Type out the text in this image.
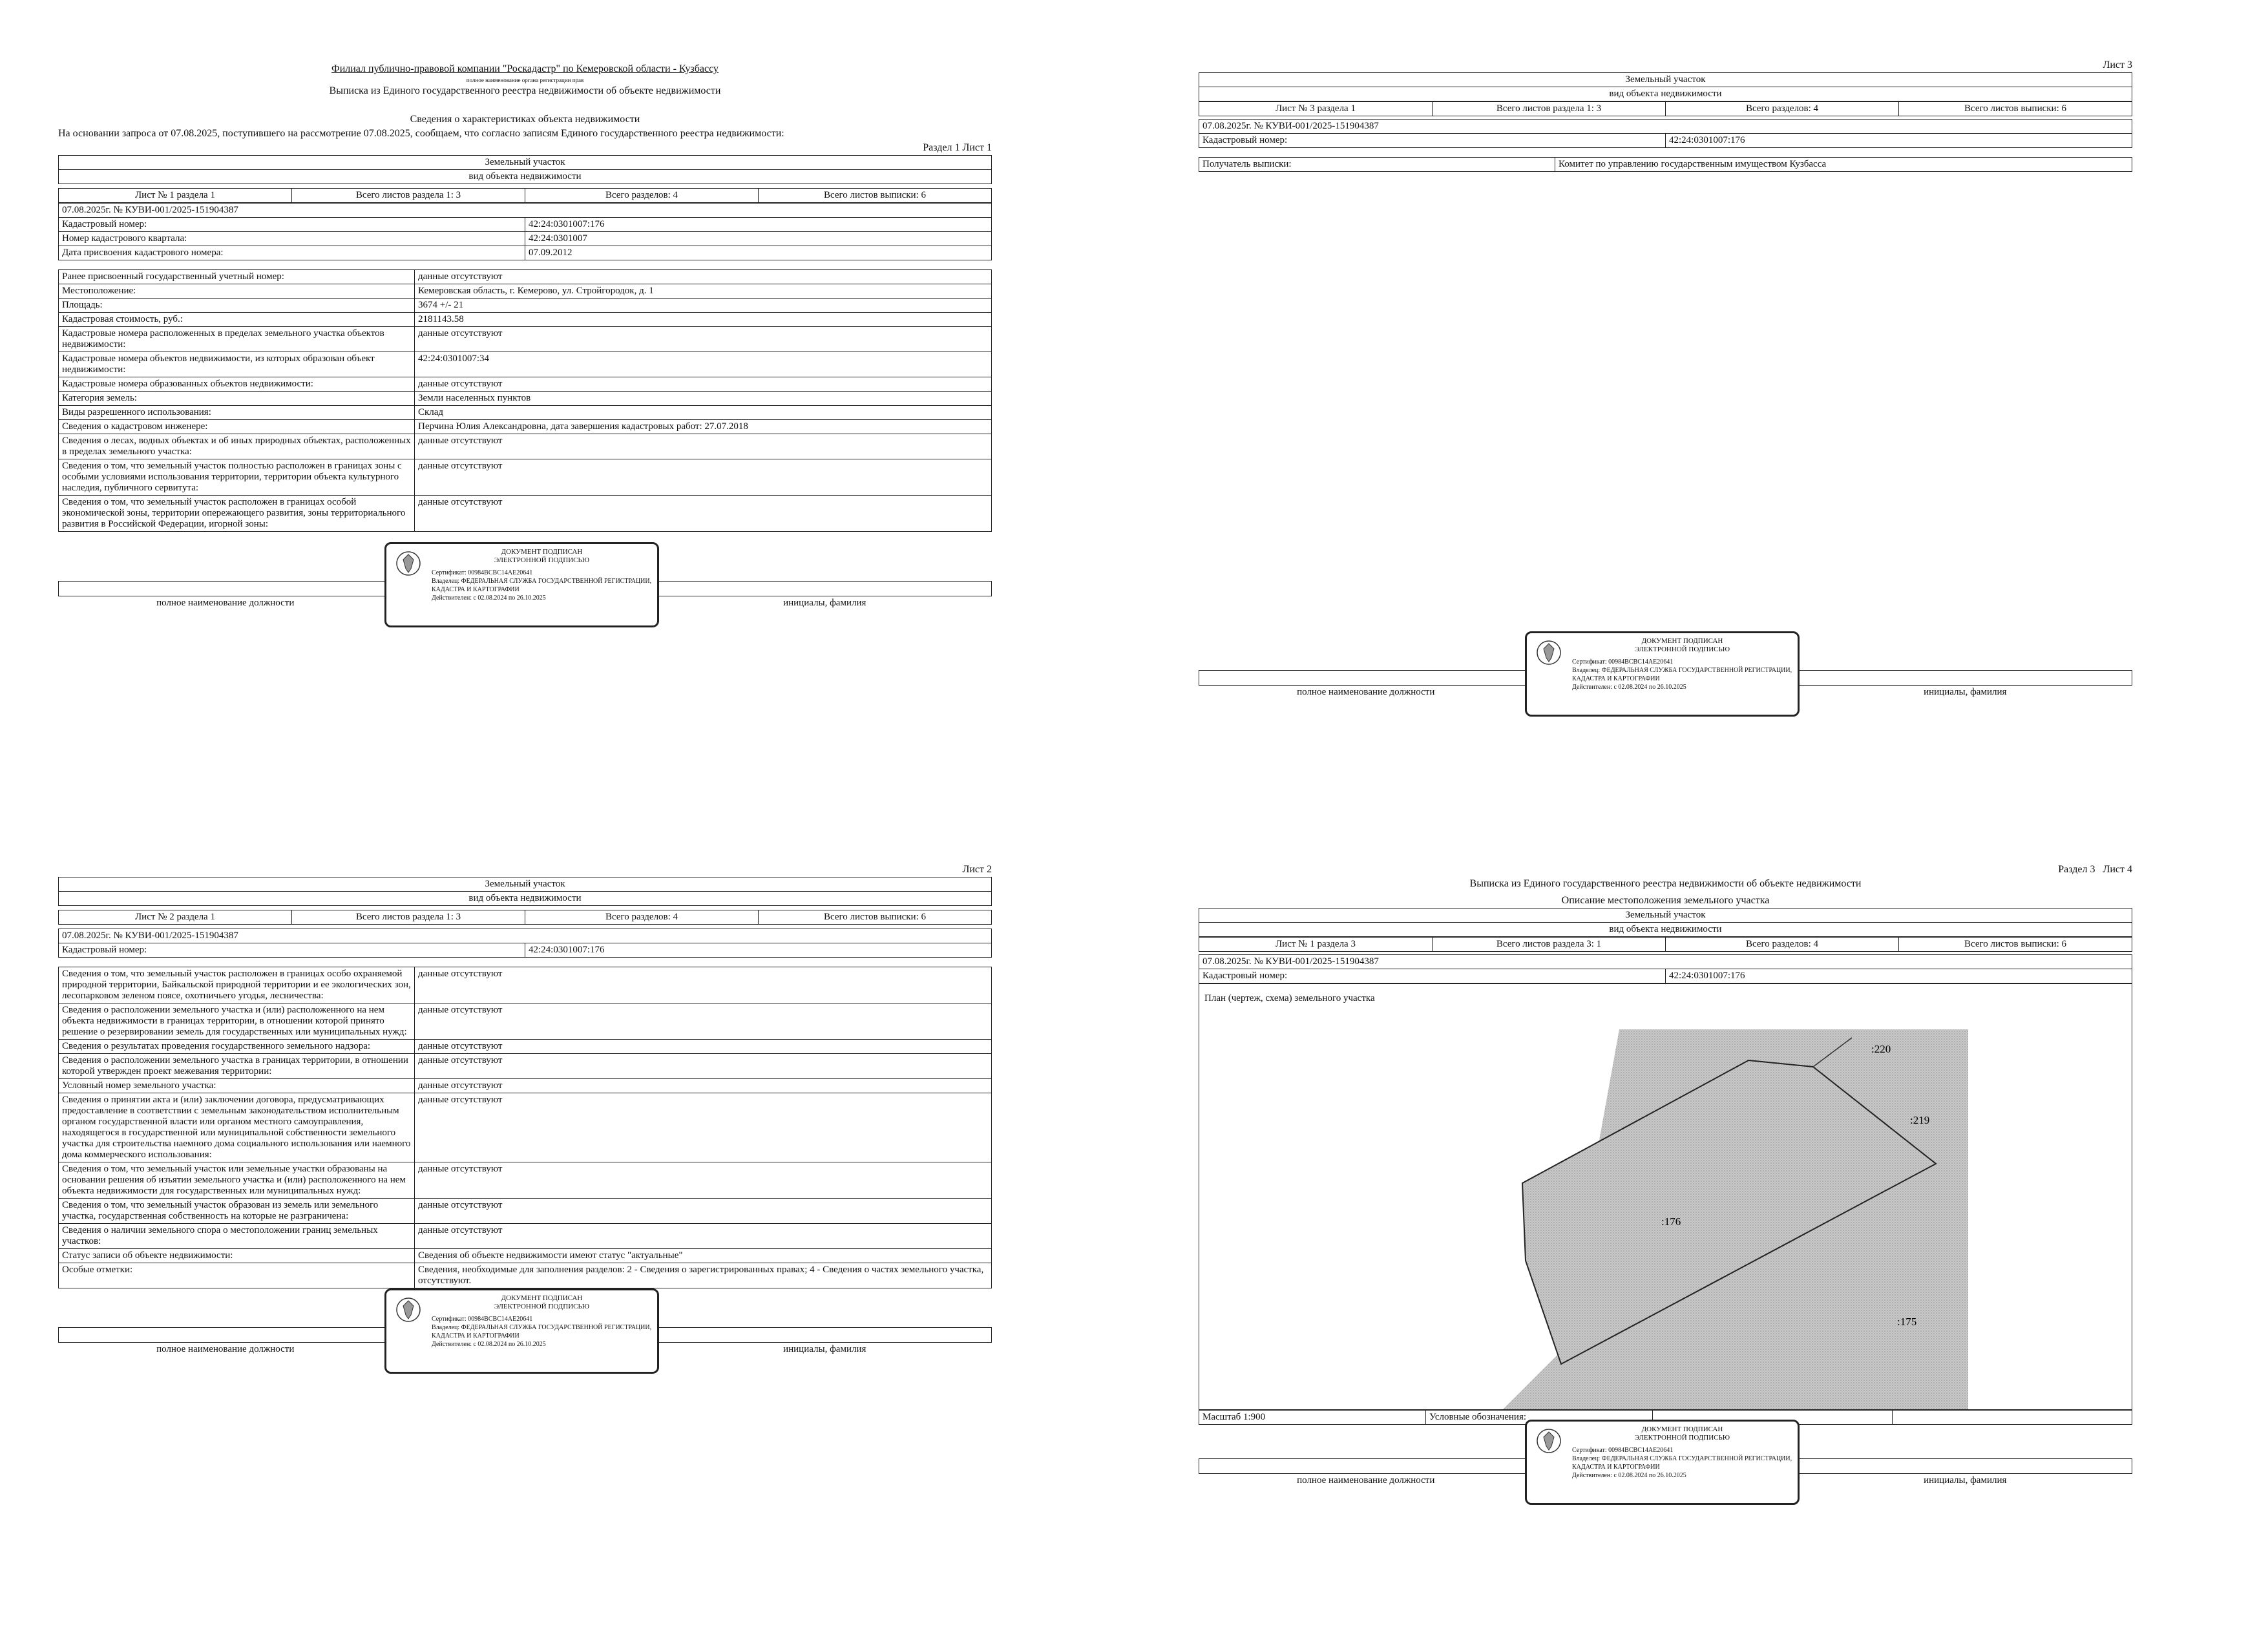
Филиал публично-правовой компании "Роскадастр" по Кемеровской области - Кузбассу
полное наименование органа регистрации прав
Выписка из Единого государственного реестра недвижимости об объекте недвижимости
Сведения о характеристиках объекта недвижимости
На основании запроса от 07.08.2025, поступившего на рассмотрение 07.08.2025, сообщаем, что согласно записям Единого государственного реестра недвижимости:
Раздел 1 Лист 1
Земельный участок
вид объекта недвижимости
Лист № 1 раздела 1	Всего листов раздела 1: 3	Всего разделов: 4	Всего листов выписки: 6
07.08.2025г. № КУВИ-001/2025-151904387	
Кадастровый номер:	42:24:0301007:176
Номер кадастрового квартала:	42:24:0301007
Дата присвоения кадастрового номера:	07.09.2012
Ранее присвоенный государственный учетный номер:	данные отсутствуют
Местоположение:	Кемеровская область, г. Кемерово, ул. Стройгородок, д. 1
Площадь:	3674 +/- 21
Кадастровая стоимость, руб.:	2181143.58
Кадастровые номера расположенных в пределах земельного участка объектов недвижимости:	данные отсутствуют
Кадастровые номера объектов недвижимости, из которых образован объект недвижимости:	42:24:0301007:34
Кадастровые номера образованных объектов недвижимости:	данные отсутствуют
Категория земель:	Земли населенных пунктов
Виды разрешенного использования:	Склад
Сведения о кадастровом инженере:	Перчина Юлия Александровна, дата завершения кадастровых работ: 27.07.2018
Сведения о лесах, водных объектах и об иных природных объектах, расположенных в пределах земельного участка:	данные отсутствуют
Сведения о том, что земельный участок полностью расположен в границах зоны с особыми условиями использования территории, территории объекта культурного наследия, публичного сервитута:	данные отсутствуют
Сведения о том, что земельный участок расположен в границах особой экономической зоны, территории опережающего развития, зоны территориального развития в Российской Федерации, игорной зоны:	данные отсутствуют

полное наименование должности		инициалы, фамилия
ДОКУМЕНТ ПОДПИСАН
ЭЛЕКТРОННОЙ ПОДПИСЬЮ
Сертификат: 00984BCBC14AE20641
Владелец: ФЕДЕРАЛЬНАЯ СЛУЖБА ГОСУДАРСТВЕННОЙ РЕГИСТРАЦИИ, КАДАСТРА И КАРТОГРАФИИ
Действителен: с 02.08.2024 по 26.10.2025
Лист 3
Земельный участок
вид объекта недвижимости
Лист № 3 раздела 1	Всего листов раздела 1: 3	Всего разделов: 4	Всего листов выписки: 6
07.08.2025г. № КУВИ-001/2025-151904387
Кадастровый номер:	42:24:0301007:176
Получатель выписки:	Комитет по управлению государственным имуществом Кузбасса

полное наименование должности		инициалы, фамилия
ДОКУМЕНТ ПОДПИСАН
ЭЛЕКТРОННОЙ ПОДПИСЬЮ
Сертификат: 00984BCBC14AE20641
Владелец: ФЕДЕРАЛЬНАЯ СЛУЖБА ГОСУДАРСТВЕННОЙ РЕГИСТРАЦИИ, КАДАСТРА И КАРТОГРАФИИ
Действителен: с 02.08.2024 по 26.10.2025
Лист 2
Земельный участок
вид объекта недвижимости
Лист № 2 раздела 1	Всего листов раздела 1: 3	Всего разделов: 4	Всего листов выписки: 6
07.08.2025г. № КУВИ-001/2025-151904387
Кадастровый номер:	42:24:0301007:176
Сведения о том, что земельный участок расположен в границах особо охраняемой природной территории, Байкальской природной территории и ее экологических зон, лесопарковом зеленом поясе, охотничьего угодья, лесничества:	данные отсутствуют
Сведения о расположении земельного участка и (или) расположенного на нем объекта недвижимости в границах территории, в отношении которой принято решение о резервировании земель для государственных или муниципальных нужд:	данные отсутствуют
Сведения о результатах проведения государственного земельного надзора:	данные отсутствуют
Сведения о расположении земельного участка в границах территории, в отношении которой утвержден проект межевания территории:	данные отсутствуют
Условный номер земельного участка:	данные отсутствуют
Сведения о принятии акта и (или) заключении договора, предусматривающих предоставление в соответствии с земельным законодательством исполнительным органом государственной власти или органом местного самоуправления, находящегося в государственной или муниципальной собственности земельного участка для строительства наемного дома социального использования или наемного дома коммерческого использования:	данные отсутствуют
Сведения о том, что земельный участок или земельные участки образованы на основании решения об изъятии земельного участка и (или) расположенного на нем объекта недвижимости для государственных или муниципальных нужд:	данные отсутствуют
Сведения о том, что земельный участок образован из земель или земельного участка, государственная собственность на которые не разграничена:	данные отсутствуют
Сведения о наличии земельного спора о местоположении границ земельных участков:	данные отсутствуют
Статус записи об объекте недвижимости:	Сведения об объекте недвижимости имеют статус "актуальные"
Особые отметки:	Сведения, необходимые для заполнения разделов: 2 - Сведения о зарегистрированных правах; 4 - Сведения о частях земельного участка, отсутствуют.

полное наименование должности		инициалы, фамилия
ДОКУМЕНТ ПОДПИСАН
ЭЛЕКТРОННОЙ ПОДПИСЬЮ
Сертификат: 00984BCBC14AE20641
Владелец: ФЕДЕРАЛЬНАЯ СЛУЖБА ГОСУДАРСТВЕННОЙ РЕГИСТРАЦИИ, КАДАСТРА И КАРТОГРАФИИ
Действителен: с 02.08.2024 по 26.10.2025
Раздел 3 Лист 4
Выписка из Единого государственного реестра недвижимости об объекте недвижимости
Описание местоположения земельного участка
Земельный участок
вид объекта недвижимости
Лист № 1 раздела 3	Всего листов раздела 3: 1	Всего разделов: 4	Всего листов выписки: 6
07.08.2025г. № КУВИ-001/2025-151904387
Кадастровый номер:	42:24:0301007:176
План (чертеж, схема) земельного участка
:220
:219
:176
:175
Масштаб 1:900	Условные обозначения:		

полное наименование должности		инициалы, фамилия
ДОКУМЕНТ ПОДПИСАН
ЭЛЕКТРОННОЙ ПОДПИСЬЮ
Сертификат: 00984BCBC14AE20641
Владелец: ФЕДЕРАЛЬНАЯ СЛУЖБА ГОСУДАРСТВЕННОЙ РЕГИСТРАЦИИ, КАДАСТРА И КАРТОГРАФИИ
Действителен: с 02.08.2024 по 26.10.2025
